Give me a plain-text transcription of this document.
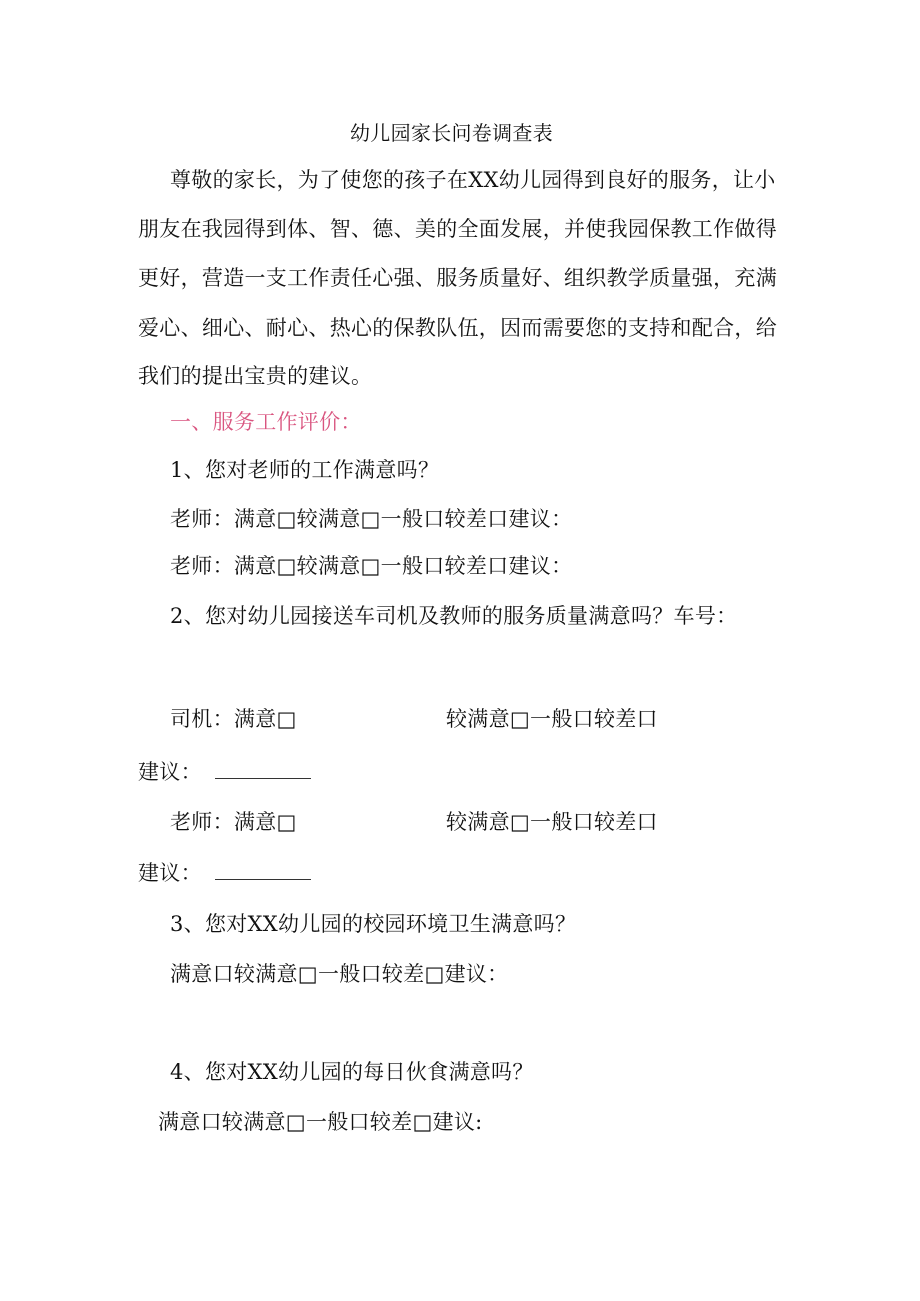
幼儿园家长问卷调查表
尊敬的家长，为了使您的孩子在XX幼儿园得到良好的服务，让小
朋友在我园得到体、智、德、美的全面发展，并使我园保教工作做得
更好，营造一支工作责任心强、服务质量好、组织教学质量强，充满
爱心、细心、耐心、热心的保教队伍，因而需要您的支持和配合，给
我们的提出宝贵的建议。
一、服务工作评价：
1、您对老师的工作满意吗？
老师：满意□较满意□一般口较差口建议：
老师：满意□较满意□一般口较差口建议：
2、您对幼儿园接送车司机及教师的服务质量满意吗？车号：
司机：满意□	较满意□一般口较差口
建议：
老师：满意□	较满意□一般口较差口
建议：
3、您对XX幼儿园的校园环境卫生满意吗？
满意口较满意□一般口较差□建议：
4、您对XX幼儿园的每日伙食满意吗？
满意口较满意□一般口较差□建议:
